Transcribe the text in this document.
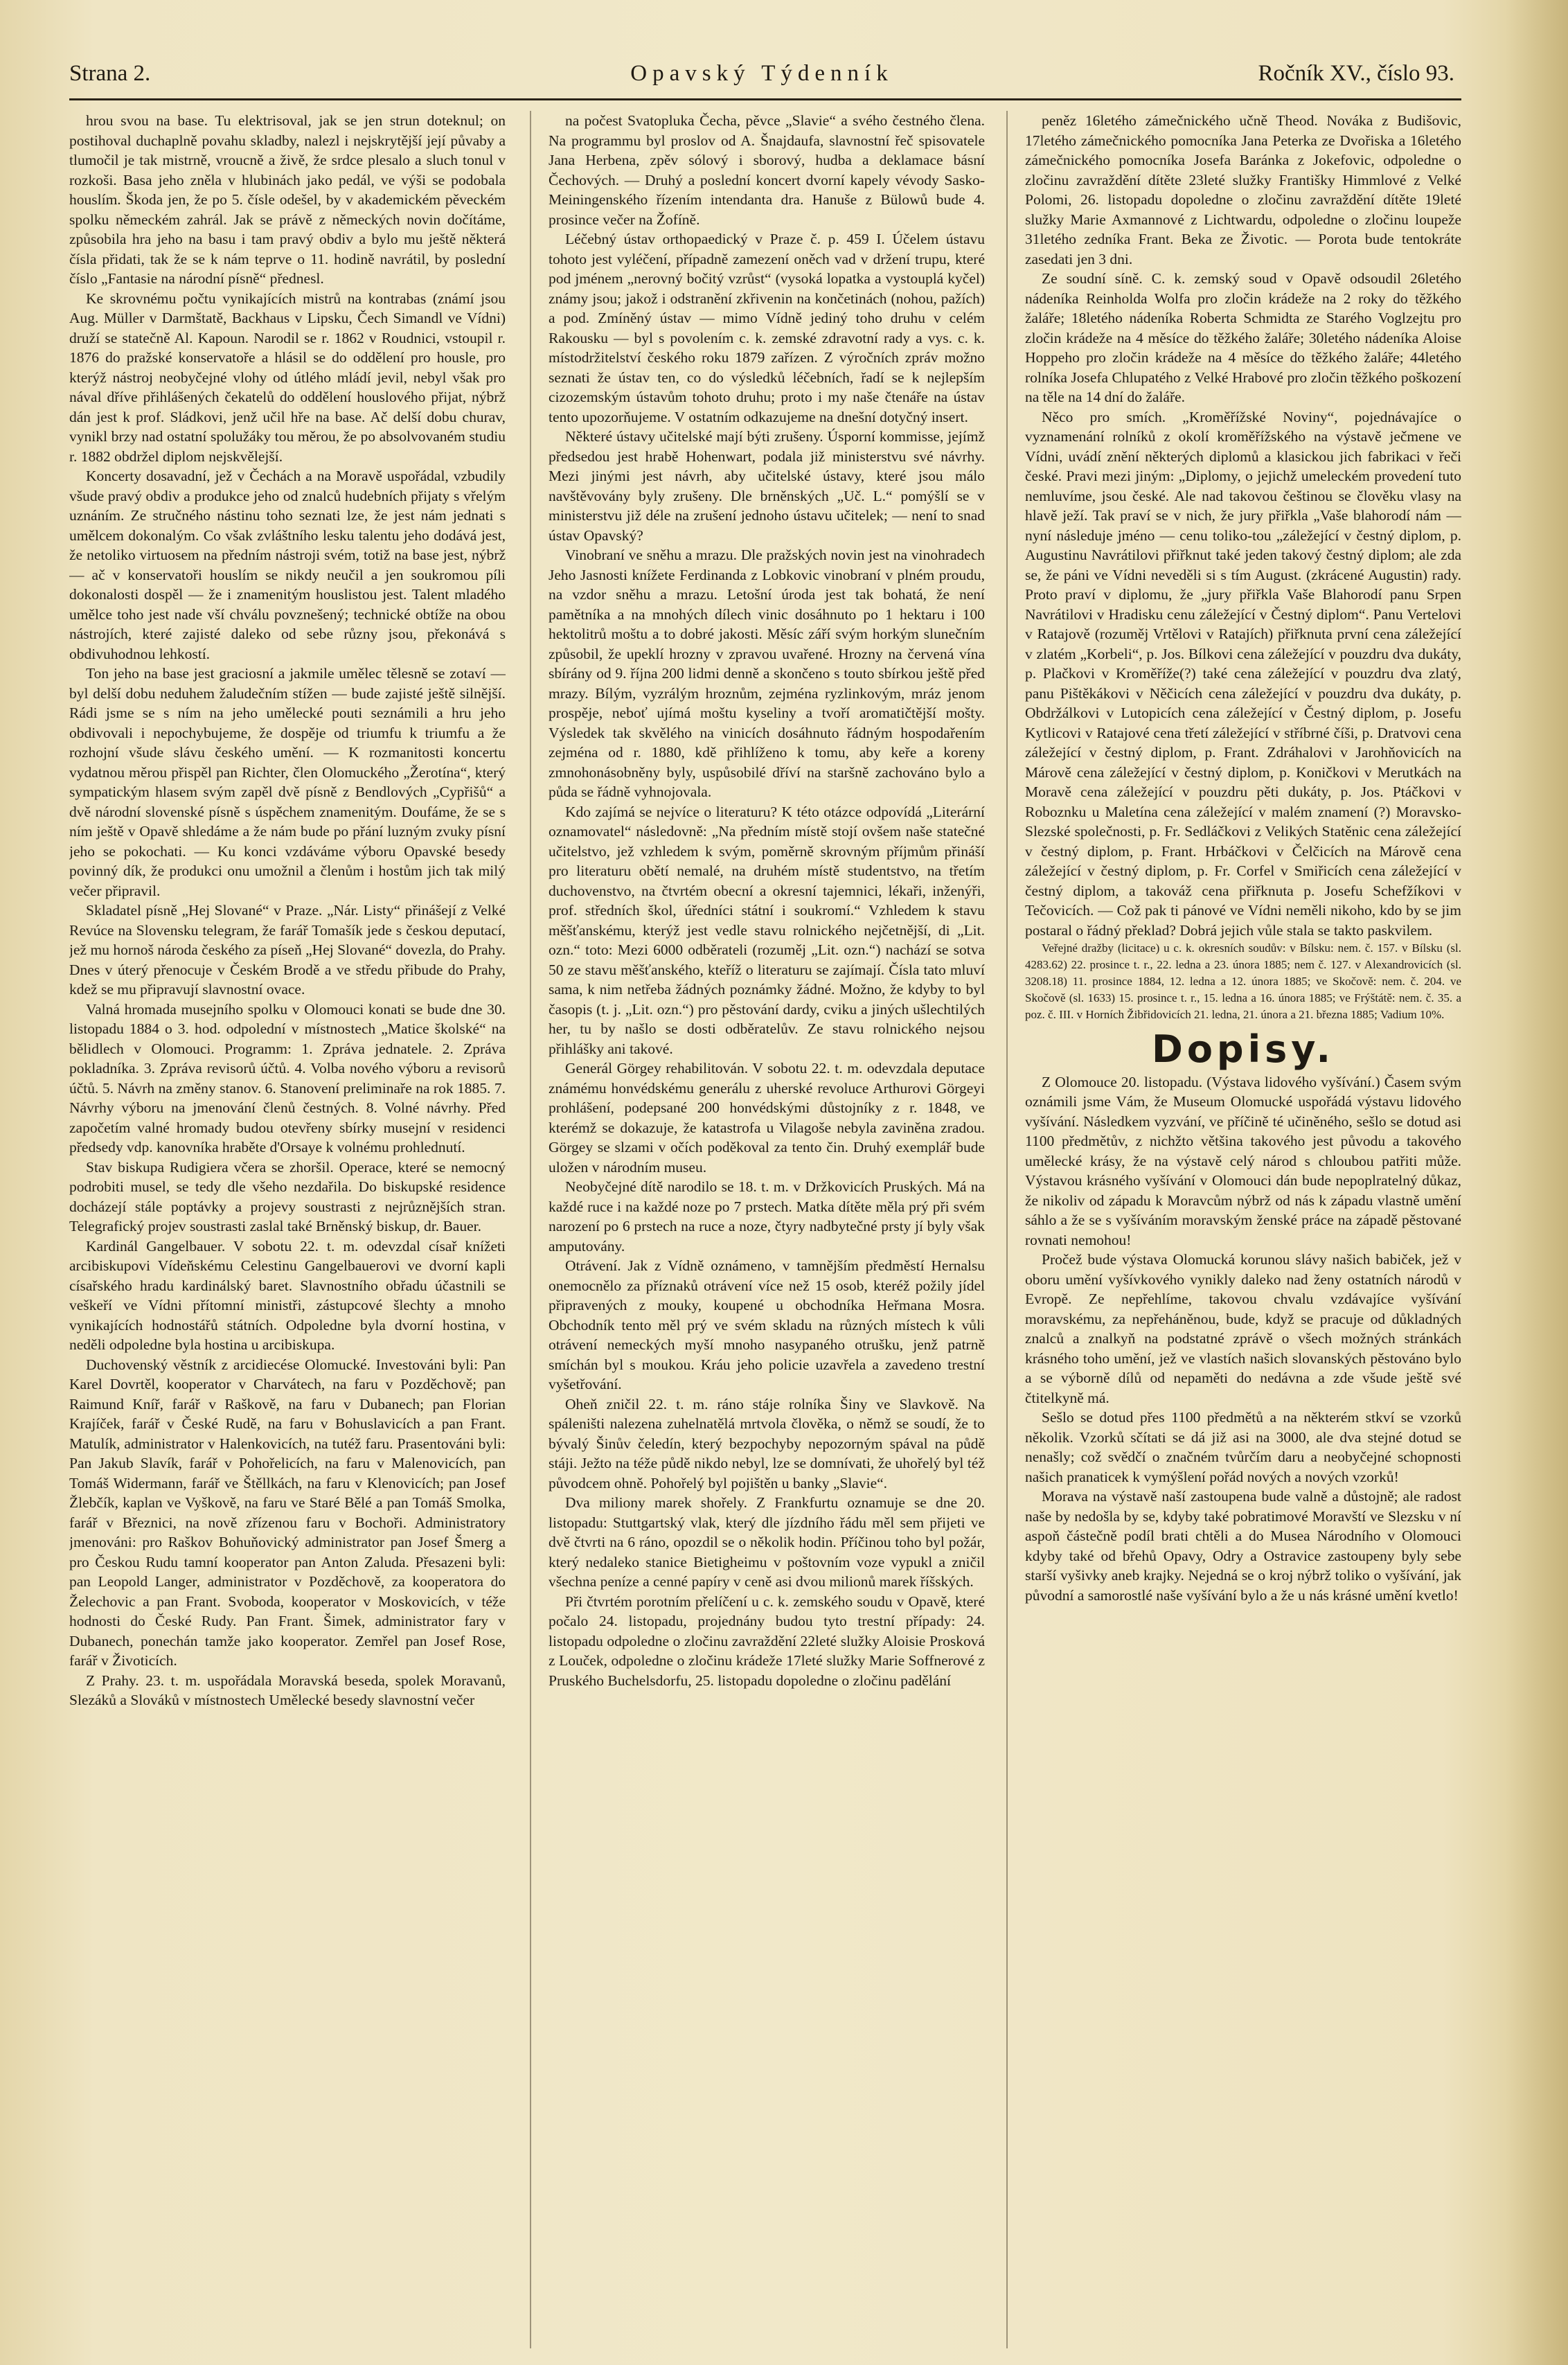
Strana 2.	Opavský Týdenník	Ročník XV., číslo 93.

hrou svou na base. Tu elektrisoval, jak se jen strun doteknul; on postihoval duchaplně povahu skladby, nalezl i nejskrytější její půvaby a tlumočil je tak mistrně, vroucně a živě, že srdce plesalo a sluch tonul v rozkoši. Basa jeho zněla v hlubinách jako pedál, ve výši se podobala houslím. Škoda jen, že po 5. čísle odešel, by v akademickém pěveckém spolku německém zahrál. Jak se právě z německých novin dočítáme, způsobila hra jeho na basu i tam pravý obdiv a bylo mu ještě některá čísla přidati, tak že se k nám teprve o 11. hodině navrátil, by poslední číslo „Fantasie na národní písně“ přednesl.

Ke skrovnému počtu vynikajících mistrů na kontrabas (známí jsou Aug. Müller v Darmštatě, Backhaus v Lipsku, Čech Simandl ve Vídni) druží se statečně Al. Kapoun. Narodil se r. 1862 v Roudnici, vstoupil r. 1876 do pražské konservatoře a hlásil se do oddělení pro housle, pro kterýž nástroj neobyčejné vlohy od útlého mládí jevil, nebyl však pro nával dříve přihlášených čekatelů do oddělení houslového přijat, nýbrž dán jest k prof. Sládkovi, jenž učil hře na base. Ač delší dobu churav, vynikl brzy nad ostatní spolužáky tou měrou, že po absolvovaném studiu r. 1882 obdržel diplom nejskvělejší.

Koncerty dosavadní, jež v Čechách a na Moravě uspořádal, vzbudily všude pravý obdiv a produkce jeho od znalců hudebních přijaty s vřelým uznáním. Ze stručného nástinu toho seznati lze, že jest nám jednati s umělcem dokonalým. Co však zvláštního lesku talentu jeho dodává jest, že netoliko virtuosem na předním nástroji svém, totiž na base jest, nýbrž — ač v konservatoři houslím se nikdy neučil a jen soukromou píli dokonalosti dospěl — že i znamenitým houslistou jest. Talent mladého umělce toho jest nade vší chválu povznešený; technické obtíže na obou nástrojích, které zajisté daleko od sebe různy jsou, překonává s obdivuhodnou lehkostí.

Ton jeho na base jest graciosní a jakmile umělec tělesně se zotaví — byl delší dobu neduhem žaludečním stížen — bude zajisté ještě silnější. Rádi jsme se s ním na jeho umělecké pouti seznámili a hru jeho obdivovali i nepochybujeme, že dospěje od triumfu k triumfu a že rozhojní všude slávu českého umění. — K rozmanitosti koncertu vydatnou měrou přispěl pan Richter, člen Olomuckého „Žerotína“, který sympatickým hlasem svým zapěl dvě písně z Bendlových „Cypřišů“ a dvě národní slovenské písně s úspěchem znamenitým. Doufáme, že se s ním ještě v Opavě shledáme a že nám bude po přání luzným zvuky písní jeho se pokochati. — Ku konci vzdáváme výboru Opavské besedy povinný dík, že produkci onu umožnil a členům i hostům jich tak milý večer připravil.

Skladatel písně „Hej Slované“ v Praze. „Nár. Listy“ přinášejí z Velké Revúce na Slovensku telegram, že farář Tomašík jede s českou deputací, jež mu hornoš národa českého za píseň „Hej Slované“ dovezla, do Prahy. Dnes v úterý přenocuje v Českém Brodě a ve středu přibude do Prahy, kdež se mu připravují slavnostní ovace.

Valná hromada musejního spolku v Olomouci konati se bude dne 30. listopadu 1884 o 3. hod. odpolední v místnostech „Matice školské“ na bělidlech v Olomouci. Programm: 1. Zpráva jednatele. 2. Zpráva pokladníka. 3. Zpráva revisorů účtů. 4. Volba nového výboru a revisorů účtů. 5. Návrh na změny stanov. 6. Stanovení preliminaře na rok 1885. 7. Návrhy výboru na jmenování členů čestných. 8. Volné návrhy. Před započetím valné hromady budou otevřeny sbírky musejní v residenci předsedy vdp. kanovníka hraběte d'Orsaye k volnému prohlednutí.

Stav biskupa Rudigiera včera se zhoršil. Operace, které se nemocný podrobiti musel, se tedy dle všeho nezdařila. Do biskupské residence docházejí stále poptávky a projevy soustrasti z nejrůznějších stran. Telegrafický projev soustrasti zaslal také Brněnský biskup, dr. Bauer.

Kardinál Gangelbauer. V sobotu 22. t. m. odevzdal císař knížeti arcibiskupovi Vídeňskému Celestinu Gangelbauerovi ve dvorní kapli císařského hradu kardinálský baret. Slavnostního obřadu účastnili se veškeří ve Vídni přítomní ministři, zástupcové šlechty a mnoho vynikajících hodnostářů státních. Odpoledne byla dvorní hostina, v neděli odpoledne byla hostina u arcibiskupa.

Duchovenský věstník z arcidiecése Olomucké. Investováni byli: Pan Karel Dovrtěl, kooperator v Charvátech, na faru v Pozděchově; pan Raimund Kníř, farář v Raškově, na faru v Dubanech; pan Florian Krajíček, farář v České Rudě, na faru v Bohuslavicích a pan Frant. Matulík, administrator v Halenkovicích, na tutéž faru. Prasentováni byli: Pan Jakub Slavík, farář v Pohořelicích, na faru v Malenovicích, pan Tomáš Widermann, farář ve Štěllkách, na faru v Klenovicích; pan Josef Žlebčík, kaplan ve Vyškově, na faru ve Staré Bělé a pan Tomáš Smolka, farář v Březnici, na nově zřízenou faru v Bochoři. Administratory jmenováni: pro Raškov Bohuňovický administrator pan Josef Šmerg a pro Českou Rudu tamní kooperator pan Anton Zaluda. Přesazeni byli: pan Leopold Langer, administrator v Pozděchově, za kooperatora do Želechovic a pan Frant. Svoboda, kooperator v Moskovicích, v téže hodnosti do České Rudy. Pan Frant. Šimek, administrator fary v Dubanech, ponechán tamže jako kooperator. Zemřel pan Josef Rose, farář v Životicích.

Z Prahy. 23. t. m. uspořádala Moravská beseda, spolek Moravanů, Slezáků a Slováků v místnostech Umělecké besedy slavnostní večer

na počest Svatopluka Čecha, pěvce „Slavie“ a svého čestného člena. Na programmu byl proslov od A. Šnajdaufa, slavnostní řeč spisovatele Jana Herbena, zpěv sólový i sborový, hudba a deklamace básní Čechových. — Druhý a poslední koncert dvorní kapely vévody Sasko-Meiningenského řízením intendanta dra. Hanuše z Bülowů bude 4. prosince večer na Žofíně.

Léčebný ústav orthopaedický v Praze č. p. 459 I. Účelem ústavu tohoto jest vyléčení, případně zamezení oněch vad v držení trupu, které pod jménem „nerovný bočitý vzrůst“ (vysoká lopatka a vystouplá kyčel) známy jsou; jakož i odstranění zkřivenin na končetinách (nohou, pažích) a pod. Zmíněný ústav — mimo Vídně jediný toho druhu v celém Rakousku — byl s povolením c. k. zemské zdravotní rady a vys. c. k. místodržitelství českého roku 1879 zařízen. Z výročních zpráv možno seznati že ústav ten, co do výsledků léčebních, řadí se k nejlepším cizozemským ústavům tohoto druhu; proto i my naše čtenáře na ústav tento upozorňujeme. V ostatním odkazujeme na dnešní dotyčný insert.

Některé ústavy učitelské mají býti zrušeny. Úsporní kommisse, jejímž předsedou jest hrabě Hohenwart, podala již ministerstvu své návrhy. Mezi jinými jest návrh, aby učitelské ústavy, které jsou málo navštěvovány byly zrušeny. Dle brněnských „Uč. L.“ pomýšlí se v ministerstvu již déle na zrušení jednoho ústavu učitelek; — není to snad ústav Opavský?

Vinobraní ve sněhu a mrazu. Dle pražských novin jest na vinohradech Jeho Jasnosti knížete Ferdinanda z Lobkovic vinobraní v plném proudu, na vzdor sněhu a mrazu. Letošní úroda jest tak bohatá, že není pamětníka a na mnohých dílech vinic dosáhnuto po 1 hektaru i 100 hektolitrů moštu a to dobré jakosti. Měsíc září svým horkým slunečním způsobil, že upeklí hrozny v zpravou uvařené. Hrozny na červená vína sbírány od 9. října 200 lidmi denně a skončeno s touto sbírkou ještě před mrazy. Bílým, vyzrálým hroznům, zejména ryzlinkovým, mráz jenom prospěje, neboť ujímá moštu kyseliny a tvoří aromatičtější mošty. Výsledek tak skvělého na vinicích dosáhnuto řádným hospodařením zejména od r. 1880, kdě přihlíženo k tomu, aby keře a koreny zmnohonásobněny byly, uspůsobilé dříví na staršně zachováno bylo a půda se řádně vyhnojovala.

Kdo zajímá se nejvíce o literaturu? K této otázce odpovídá „Literární oznamovatel“ následovně: „Na předním místě stojí ovšem naše statečné učitelstvo, jež vzhledem k svým, poměrně skrovným příjmům přináší pro literaturu obětí nemalé, na druhém místě studentstvo, na třetím duchovenstvo, na čtvrtém obecní a okresní tajemnici, lékaři, inženýři, prof. středních škol, úředníci státní i soukromí.“ Vzhledem k stavu měšťanskému, kterýž jest vedle stavu rolnického nejčetnější, di „Lit. ozn.“ toto: Mezi 6000 odběrateli (rozuměj „Lit. ozn.“) nachází se sotva 50 ze stavu měšťanského, kteříž o literaturu se zajímají. Čísla tato mluví sama, k nim netřeba žádných poznámky žádné. Možno, že kdyby to byl časopis (t. j. „Lit. ozn.“) pro pěstování dardy, cviku a jiných ušlechtilých her, tu by našlo se dosti odběratelův. Ze stavu rolnického nejsou přihlášky ani takové.

Generál Görgey rehabilitován. V sobotu 22. t. m. odevzdala deputace známému honvédskému generálu z uherské revoluce Arthurovi Görgeyi prohlášení, podepsané 200 honvédskými důstojníky z r. 1848, ve kterémž se dokazuje, že katastrofa u Vilagoše nebyla zaviněna zradou. Görgey se slzami v očích poděkoval za tento čin. Druhý exemplář bude uložen v národním museu.

Neobyčejné dítě narodilo se 18. t. m. v Držkovicích Pruských. Má na každé ruce i na každé noze po 7 prstech. Matka dítěte měla prý při svém narození po 6 prstech na ruce a noze, čtyry nadbytečné prsty jí byly však amputovány.

Otrávení. Jak z Vídně oznámeno, v tamnějším předměstí Hernalsu onemocnělo za příznaků otrávení více než 15 osob, kteréž požily jídel připravených z mouky, koupené u obchodníka Heřmana Mosra. Obchodník tento měl prý ve svém skladu na různých místech k vůli otrávení nemeckých myší mnoho nasypaného otrušku, jenž patrně smíchán byl s moukou. Kráu jeho policie uzavřela a zavedeno trestní vyšetřování.

Oheň zničil 22. t. m. ráno stáje rolníka Šiny ve Slavkově. Na spáleništi nalezena zuhelnatělá mrtvola člověka, o němž se soudí, že to bývalý Šinův čeledín, který bezpochyby nepozorným spával na půdě stáji. Ježto na téže půdě nikdo nebyl, lze se domnívati, že uhořelý byl též původcem ohně. Pohořelý byl pojištěn u banky „Slavie“.

Dva miliony marek shořely. Z Frankfurtu oznamuje se dne 20. listopadu: Stuttgartský vlak, který dle jízdního řádu měl sem přijeti ve dvě čtvrti na 6 ráno, opozdil se o několik hodin. Příčinou toho byl požár, který nedaleko stanice Bietigheimu v poštovním voze vypukl a zničil všechna peníze a cenné papíry v ceně asi dvou milionů marek říšských.

Při čtvrtém porotním přelíčení u c. k. zemského soudu v Opavě, které počalo 24. listopadu, projednány budou tyto trestní případy: 24. listopadu odpoledne o zločinu zavraždění 22leté služky Aloisie Prosková z Louček, odpoledne o zločinu krádeže 17leté služky Marie Soffnerové z Pruského Buchelsdorfu, 25. listopadu dopoledne o zločinu padělání

peněz 16letého zámečnického učně Theod. Nováka z Budišovic, 17letého zámečnického pomocníka Jana Peterka ze Dvořiska a 16letého zámečnického pomocníka Josefa Baránka z Jokefovic, odpoledne o zločinu zavraždění dítěte 23leté služky Františky Himmlové z Velké Polomi, 26. listopadu dopoledne o zločinu zavraždění dítěte 19leté služky Marie Axmannové z Lichtwardu, odpoledne o zločinu loupeže 31letého zedníka Frant. Beka ze Životic. — Porota bude tentokráte zasedati jen 3 dni.

Ze soudní síně. C. k. zemský soud v Opavě odsoudil 26letého nádeníka Reinholda Wolfa pro zločin krádeže na 2 roky do těžkého žaláře; 18letého nádeníka Roberta Schmidta ze Starého Voglzejtu pro zločin krádeže na 4 měsíce do těžkého žaláře; 30letého nádeníka Aloise Hoppeho pro zločin krádeže na 4 měsíce do těžkého žaláře; 44letého rolníka Josefa Chlupatého z Velké Hrabové pro zločin těžkého poškození na těle na 14 dní do žaláře.

Něco pro smích. „Kroměřížské Noviny“, pojednávajíce o vyznamenání rolníků z okolí kroměřížského na výstavě ječmene ve Vídni, uvádí znění některých diplomů a klasickou jich fabrikaci v řeči české. Pravi mezi jiným: „Diplomy, o jejichž umeleckém provedení tuto nemluvíme, jsou české. Ale nad takovou češtinou se člověku vlasy na hlavě ježí. Tak praví se v nich, že jury přiřkla „Vaše blahorodí nám — nyní následuje jméno — cenu toliko-tou „záležející v čestný diplom, p. Augustinu Navrátilovi přiřknut také jeden takový čestný diplom; ale zda se, že páni ve Vídni neveděli si s tím August. (zkrácené Augustin) rady. Proto praví v diplomu, že „jury přiřkla Vaše Blahorodí panu Srpen Navrátilovi v Hradisku cenu záležející v Čestný diplom“. Panu Vertelovi v Ratajově (rozuměj Vrtělovi v Ratajích) přiřknuta první cena záležející v zlatém „Korbeli“, p. Jos. Bílkovi cena záležející v pouzdru dva dukáty, p. Plačkovi v Kroměříže(?) také cena záležející v pouzdru dva zlatý, panu Pištěkákovi v Něčicích cena záležející v pouzdru dva dukáty, p. Obdržálkovi v Lutopicích cena záležející v Čestný diplom, p. Josefu Kytlicovi v Ratajové cena třetí záležející v stříbrné číši, p. Dratvovi cena záležející v čestný diplom, p. Frant. Zdráhalovi v Jarohňovicích na Márově cena záležející v čestný diplom, p. Koničkovi v Merutkách na Moravě cena záležející v pouzdru pěti dukáty, p. Jos. Ptáčkovi v Roboznku u Maletína cena záležející v malém znamení (?) Moravsko-Slezské společnosti, p. Fr. Sedláčkovi z Velikých Statěnic cena záležející v čestný diplom, p. Frant. Hrbáčkovi v Čelčicích na Márově cena záležející v čestný diplom, p. Fr. Corfel v Smiřicích cena záležející v čestný diplom, a takováž cena přiřknuta p. Josefu Schefžíkovi v Tečovicích. — Což pak ti pánové ve Vídni neměli nikoho, kdo by se jim postaral o řádný překlad? Dobrá jejich vůle stala se takto paskvilem.

Veřejné dražby (licitace) u c. k. okresních soudův: v Bílsku: nem. č. 157. v Bílsku (sl. 4283.62) 22. prosince t. r., 22. ledna a 23. února 1885; nem č. 127. v Alexandrovicích (sl. 3208.18) 11. prosince 1884, 12. ledna a 12. února 1885; ve Skočově: nem. č. 204. ve Skočově (sl. 1633) 15. prosince t. r., 15. ledna a 16. února 1885; ve Frýštátě: nem. č. 35. a poz. č. III. v Horních Žibřidovicích 21. ledna, 21. února a 21. března 1885; Vadium 10%.

Dopisy.

Z Olomouce 20. listopadu. (Výstava lidového vyšívání.) Časem svým oznámili jsme Vám, že Museum Olomucké uspořádá výstavu lidového vyšívání. Následkem vyzvání, ve příčině té učiněného, sešlo se dotud asi 1100 předmětův, z nichžto většina takového jest původu a takového umělecké krásy, že na výstavě celý národ s chloubou patřiti může. Výstavou krásného vyšívání v Olomouci dán bude nepoplratelný důkaz, že nikoliv od západu k Moravcům nýbrž od nás k západu vlastně umění sáhlo a že se s vyšíváním moravským ženské práce na západě pěstované rovnati nemohou!

Pročež bude výstava Olomucká korunou slávy našich babiček, jež v oboru umění vyšívkového vynikly daleko nad ženy ostatních národů v Evropě. Ze nepřehlíme, takovou chvalu vzdávajíce vyšívání moravskému, za nepřeháněnou, bude, když se pracuje od důkladných znalců a znalkyň na podstatné zprávě o všech možných stránkách krásného toho umění, jež ve vlastích našich slovanských pěstováno bylo a se výborně dílů od nepaměti do nedávna a zde všude ještě své čtitelkyně má.

Sešlo se dotud přes 1100 předmětů a na některém stkví se vzorků několik. Vzorků sčítati se dá již asi na 3000, ale dva stejné dotud se nenašly; což svědčí o značném tvůrčím daru a neobyčejné schopnosti našich pranaticek k vymýšlení pořád nových a nových vzorků!

Morava na výstavě naší zastoupena bude valně a důstojně; ale radost naše by nedošla by se, kdyby také pobratimové Moravští ve Slezsku v ní aspoň částečně podíl brati chtěli a do Musea Národního v Olomouci kdyby také od břehů Opavy, Odry a Ostravice zastoupeny byly sebe starší vyšivky aneb krajky. Nejedná se o kroj nýbrž toliko o vyšívání, jak původní a samorostlé naše vyšívání bylo a že u nás krásné umění kvetlo!
